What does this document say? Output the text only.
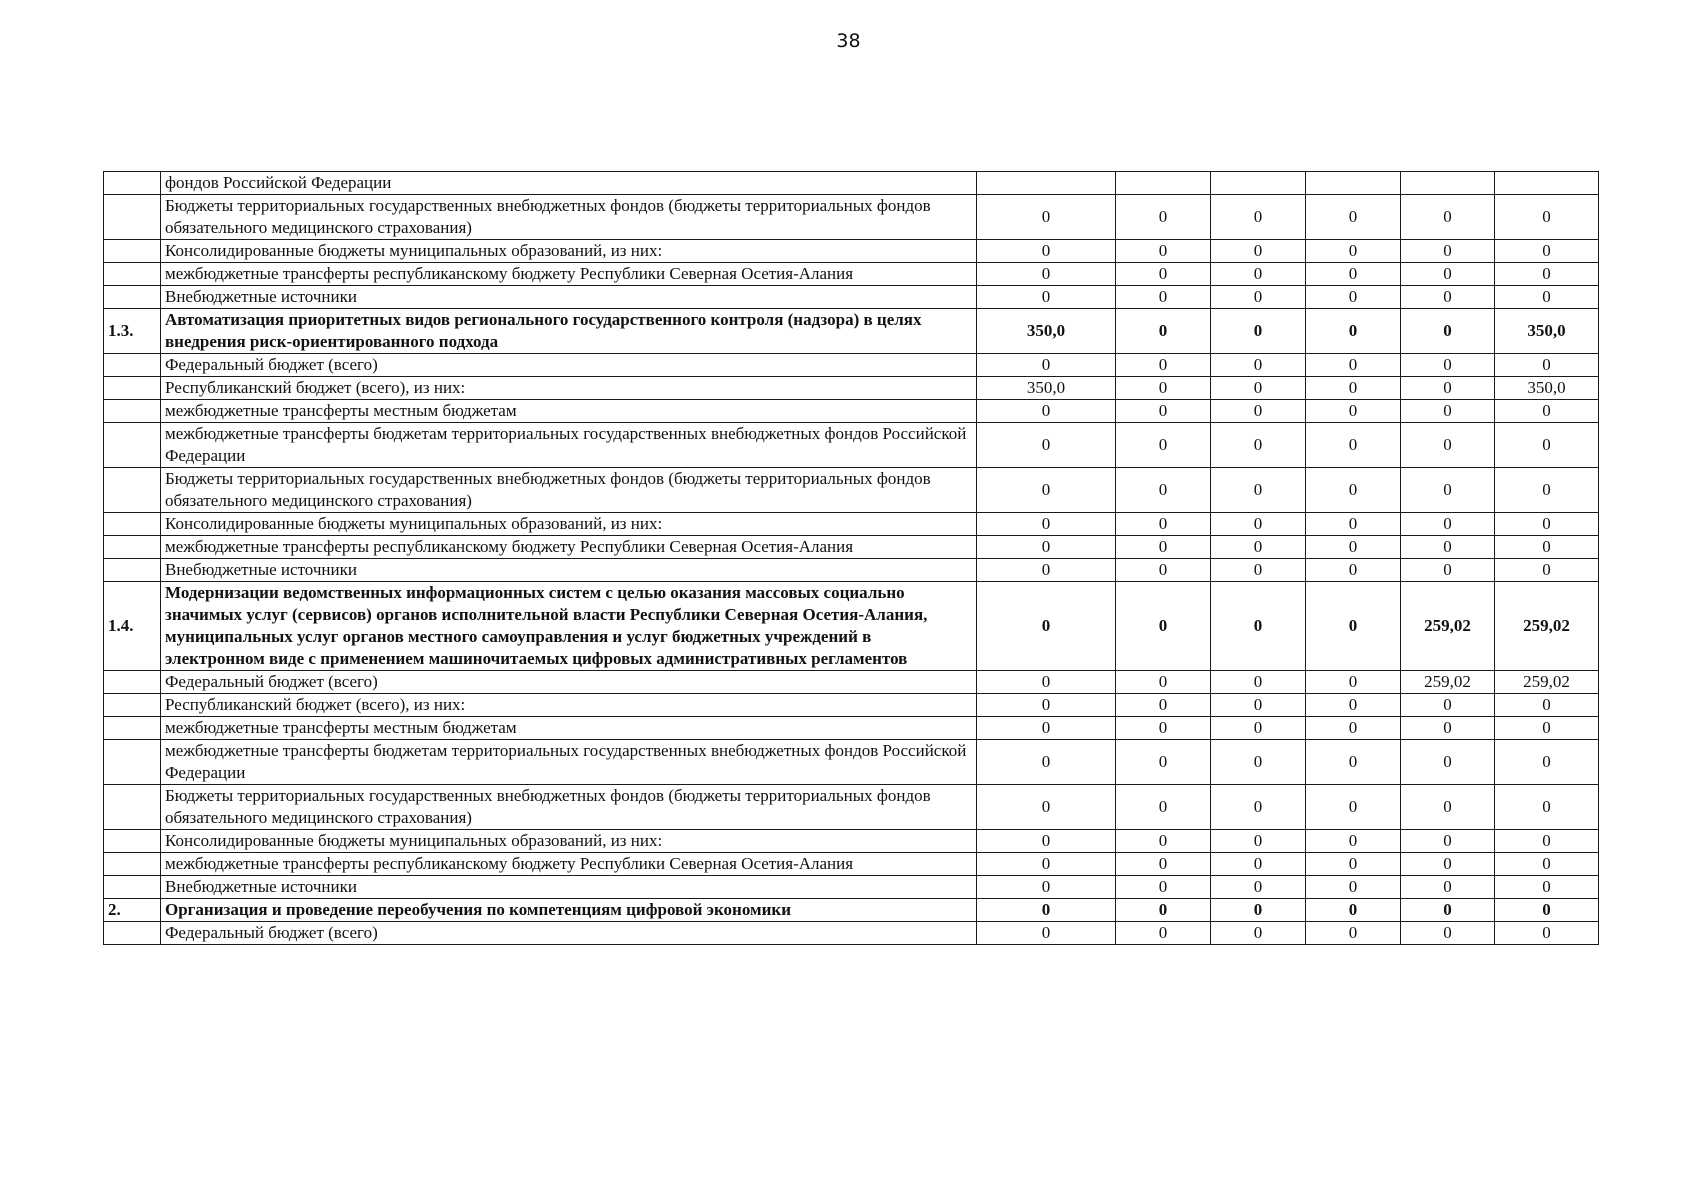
38
	фондов Российской Федерации						
	Бюджеты территориальных государственных внебюджетных фондов (бюджеты территориальных фондов обязательного медицинского страхования)	0	0	0	0	0	0
	Консолидированные бюджеты муниципальных образований, из них:	0	0	0	0	0	0
	межбюджетные трансферты республиканскому бюджету Республики Северная Осетия-Алания	0	0	0	0	0	0
	Внебюджетные источники	0	0	0	0	0	0
1.3.	Автоматизация приоритетных видов регионального государственного контроля (надзора) в целях внедрения риск-ориентированного подхода	350,0	0	0	0	0	350,0
	Федеральный бюджет (всего)	0	0	0	0	0	0
	Республиканский бюджет (всего), из них:	350,0	0	0	0	0	350,0
	межбюджетные трансферты местным бюджетам	0	0	0	0	0	0
	межбюджетные трансферты бюджетам территориальных государственных внебюджетных фондов Российской Федерации	0	0	0	0	0	0
	Бюджеты территориальных государственных внебюджетных фондов (бюджеты территориальных фондов обязательного медицинского страхования)	0	0	0	0	0	0
	Консолидированные бюджеты муниципальных образований, из них:	0	0	0	0	0	0
	межбюджетные трансферты республиканскому бюджету Республики Северная Осетия-Алания	0	0	0	0	0	0
	Внебюджетные источники	0	0	0	0	0	0
1.4.	Модернизации ведомственных информационных систем с целью оказания массовых социально значимых услуг (сервисов) органов исполнительной власти Республики Северная Осетия-Алания, муниципальных услуг органов местного самоуправления и услуг бюджетных учреждений в электронном виде с применением машиночитаемых цифровых административных регламентов	0	0	0	0	259,02	259,02
	Федеральный бюджет (всего)	0	0	0	0	259,02	259,02
	Республиканский бюджет (всего), из них:	0	0	0	0	0	0
	межбюджетные трансферты местным бюджетам	0	0	0	0	0	0
	межбюджетные трансферты бюджетам территориальных государственных внебюджетных фондов Российской Федерации	0	0	0	0	0	0
	Бюджеты территориальных государственных внебюджетных фондов (бюджеты территориальных фондов обязательного медицинского страхования)	0	0	0	0	0	0
	Консолидированные бюджеты муниципальных образований, из них:	0	0	0	0	0	0
	межбюджетные трансферты республиканскому бюджету Республики Северная Осетия-Алания	0	0	0	0	0	0
	Внебюджетные источники	0	0	0	0	0	0
2.	Организация и проведение переобучения по компетенциям цифровой экономики	0	0	0	0	0	0
	Федеральный бюджет (всего)	0	0	0	0	0	0
